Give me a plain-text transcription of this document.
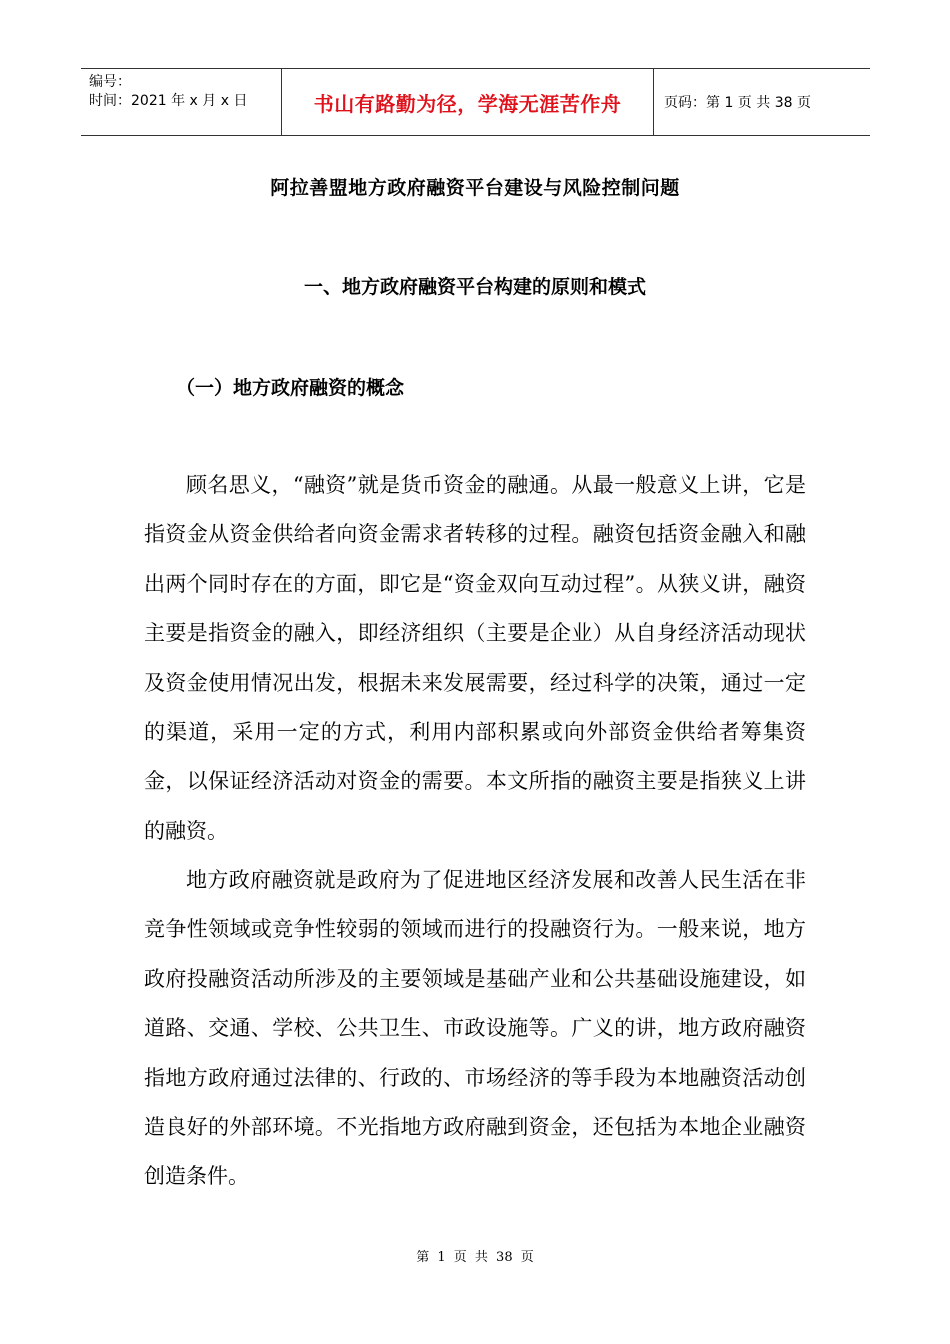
编号：
时间：2021 年 x 月 x 日	书山有路勤为径，学海无涯苦作舟	页码：第 1 页 共 38 页
阿拉善盟地方政府融资平台建设与风险控制问题
一、地方政府融资平台构建的原则和模式
（一）地方政府融资的概念

顾名思义，“融资”就是货币资金的融通。从最一般意义上讲，它是指资金从资金供给者向资金需求者转移的过程。融资包括资金融入和融出两个同时存在的方面，即它是“资金双向互动过程”。从狭义讲，融资主要是指资金的融入，即经济组织（主要是企业）从自身经济活动现状及资金使用情况出发，根据未来发展需要，经过科学的决策，通过一定的渠道，采用一定的方式，利用内部积累或向外部资金供给者筹集资金，以保证经济活动对资金的需要。本文所指的融资主要是指狭义上讲的融资。

地方政府融资就是政府为了促进地区经济发展和改善人民生活在非竞争性领域或竞争性较弱的领域而进行的投融资行为。一般来说，地方政府投融资活动所涉及的主要领域是基础产业和公共基础设施建设，如道路、交通、学校、公共卫生、市政设施等。广义的讲，地方政府融资指地方政府通过法律的、行政的、市场经济的等手段为本地融资活动创造良好的外部环境。不光指地方政府融到资金，还包括为本地企业融资创造条件。

第 1 页 共 38 页
